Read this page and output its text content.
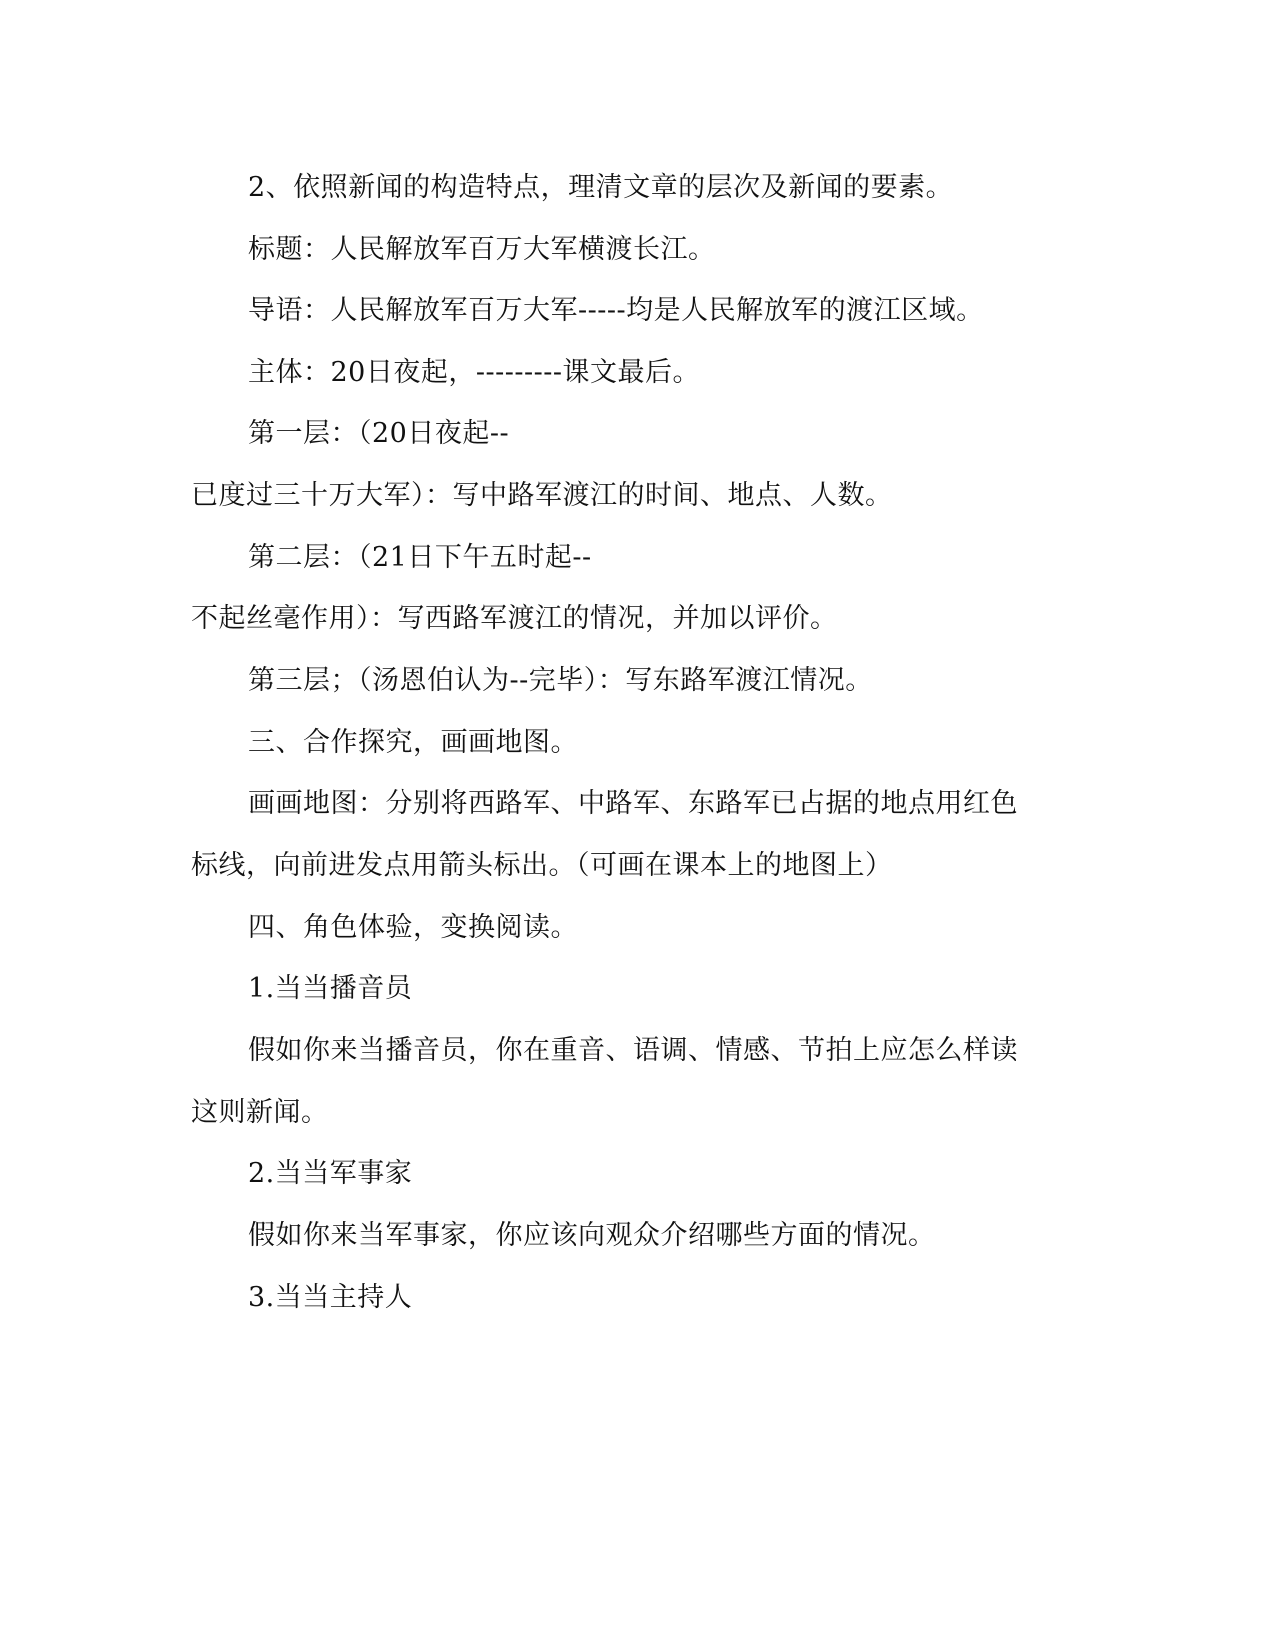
2、依照新闻的构造特点，理清文章的层次及新闻的要素。
标题：人民解放军百万大军横渡长江。
导语：人民解放军百万大军-----均是人民解放军的渡江区域。
主体：20日夜起，---------课文最后。
第一层：（20日夜起--
已度过三十万大军）：写中路军渡江的时间、地点、人数。
第二层：（21日下午五时起--
不起丝毫作用）：写西路军渡江的情况，并加以评价。
第三层；（汤恩伯认为--完毕）：写东路军渡江情况。
三、合作探究，画画地图。
画画地图：分别将西路军、中路军、东路军已占据的地点用红色
标线，向前进发点用箭头标出。（可画在课本上的地图上）
四、角色体验，变换阅读。
1.当当播音员
假如你来当播音员，你在重音、语调、情感、节拍上应怎么样读
这则新闻。
2.当当军事家
假如你来当军事家，你应该向观众介绍哪些方面的情况。
3.当当主持人
